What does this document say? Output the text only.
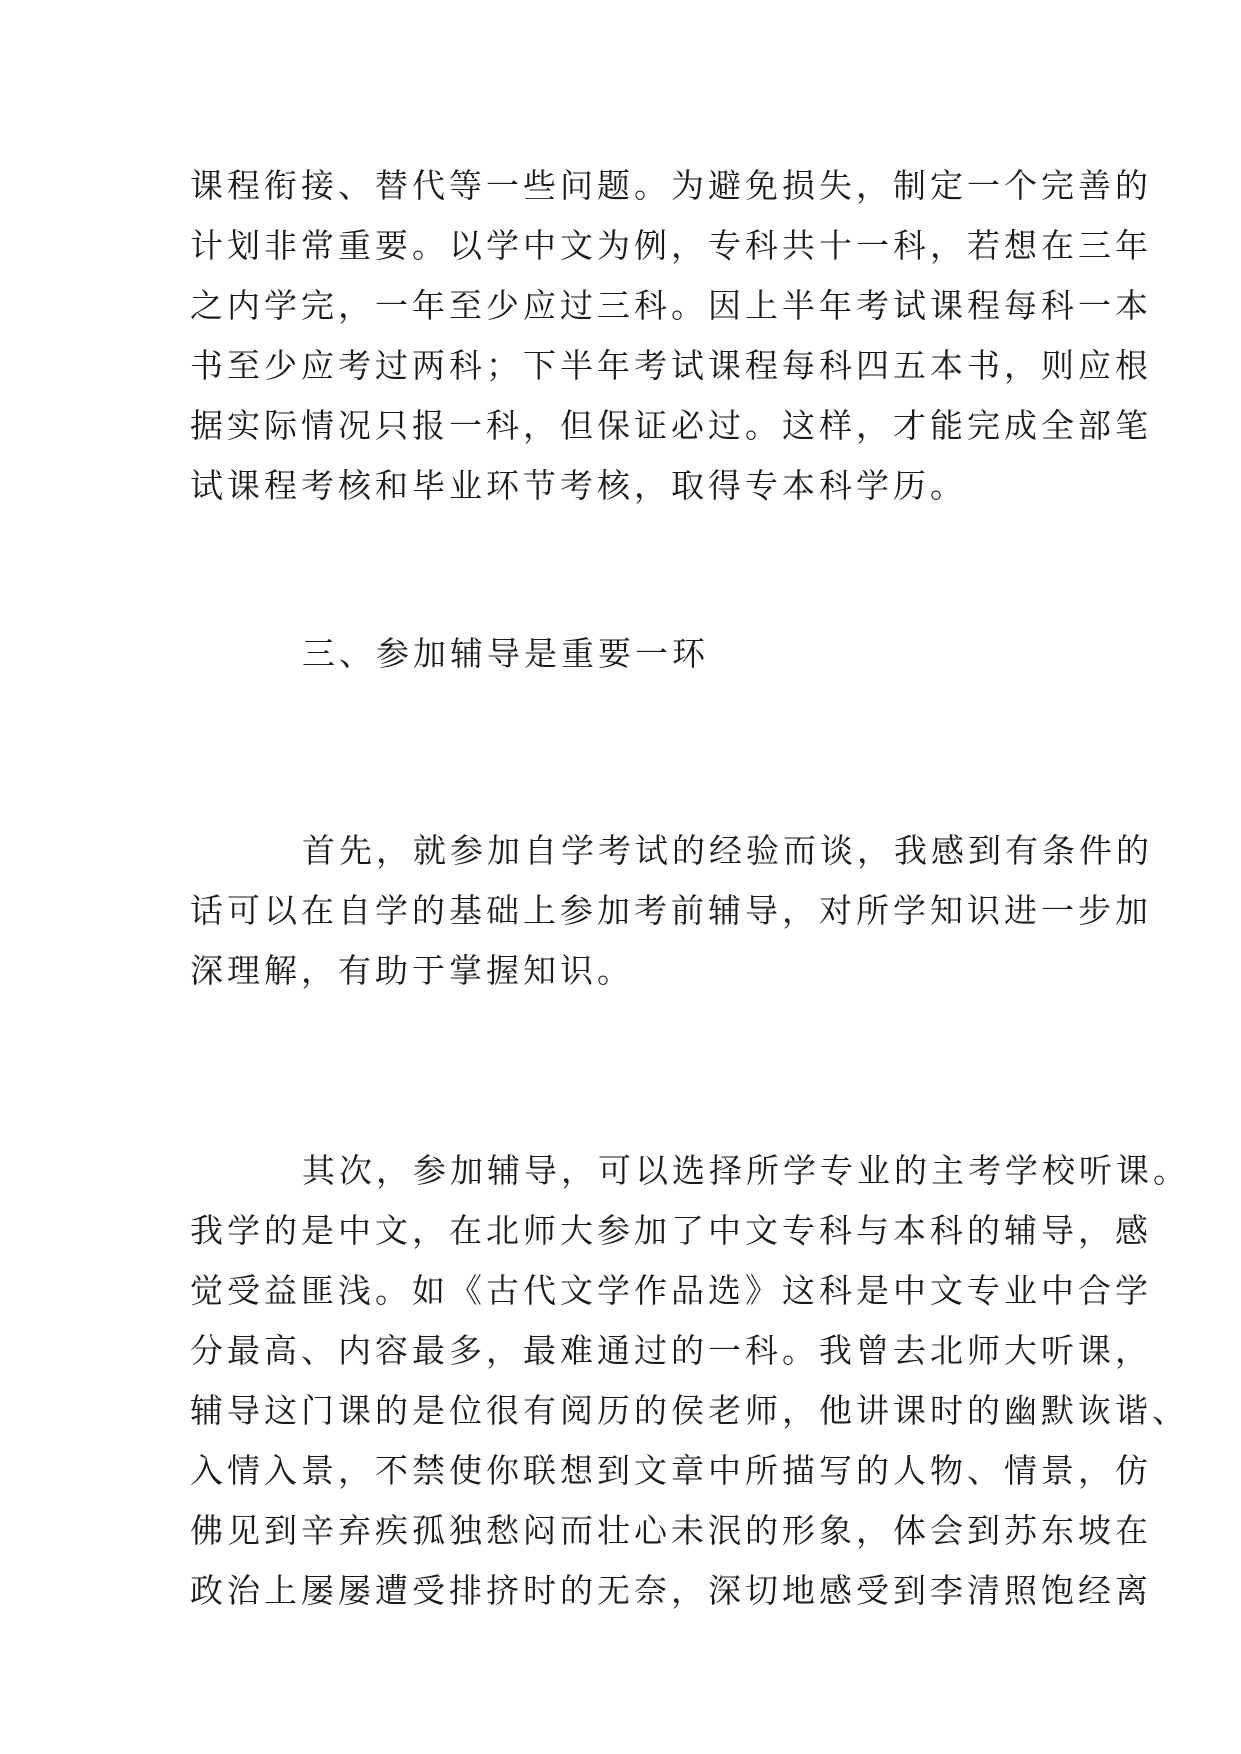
课程衔接、替代等一些问题。为避免损失，制定一个完善的
计划非常重要。以学中文为例，专科共十一科，若想在三年
之内学完，一年至少应过三科。因上半年考试课程每科一本
书至少应考过两科；下半年考试课程每科四五本书，则应根
据实际情况只报一科，但保证必过。这样，才能完成全部笔
试课程考核和毕业环节考核，取得专本科学历。
三、参加辅导是重要一环
首先，就参加自学考试的经验而谈，我感到有条件的
话可以在自学的基础上参加考前辅导，对所学知识进一步加
深理解，有助于掌握知识。
其次，参加辅导，可以选择所学专业的主考学校听课。
我学的是中文，在北师大参加了中文专科与本科的辅导，感
觉受益匪浅。如《古代文学作品选》这科是中文专业中合学
分最高、内容最多，最难通过的一科。我曾去北师大听课，
辅导这门课的是位很有阅历的侯老师，他讲课时的幽默诙谐、
入情入景，不禁使你联想到文章中所描写的人物、情景，仿
佛见到辛弃疾孤独愁闷而壮心未泯的形象，体会到苏东坡在
政治上屡屡遭受排挤时的无奈，深切地感受到李清照饱经离
